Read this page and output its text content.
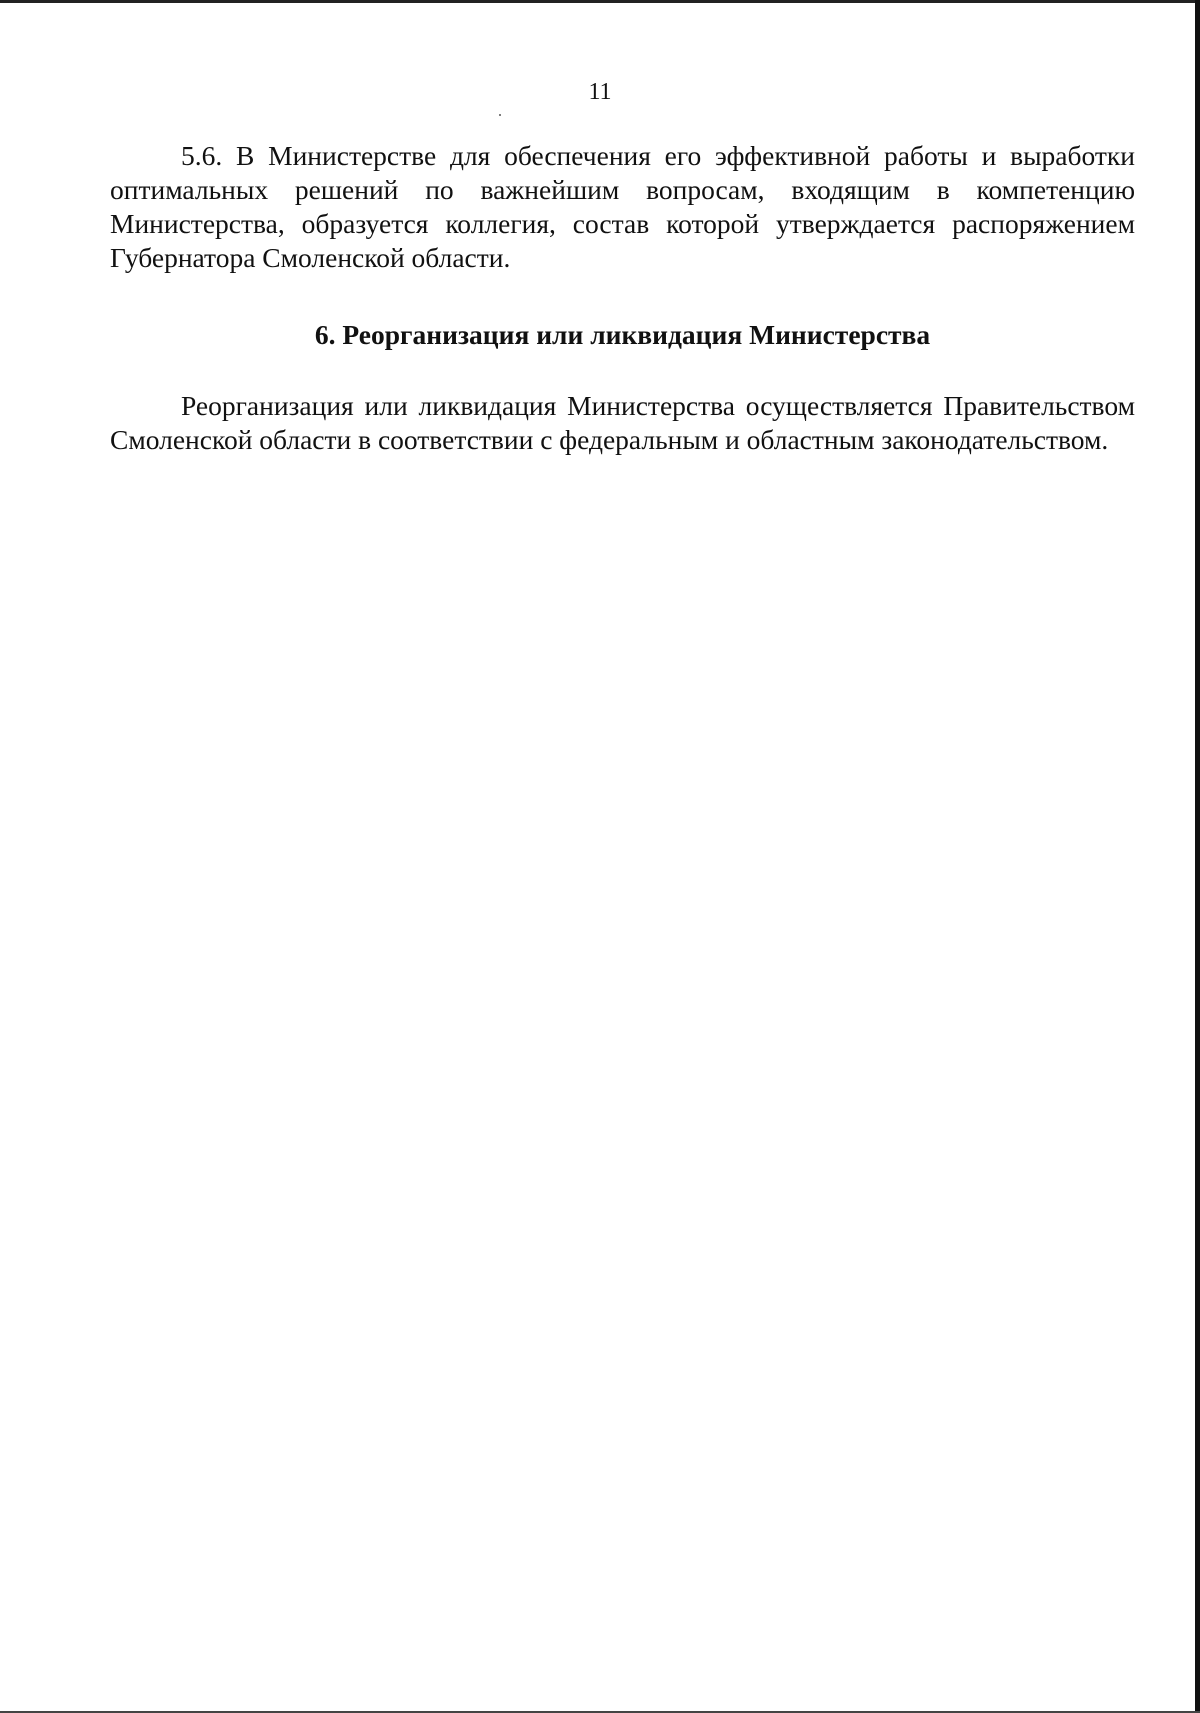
11

5.6. В Министерстве для обеспечения его эффективной работы и выработки оптимальных решений по важнейшим вопросам, входящим в компетенцию Министерства, образуется коллегия, состав которой утверждается распоряжением Губернатора Смоленской области.

6. Реорганизация или ликвидация Министерства

Реорганизация или ликвидация Министерства осуществляется Правительством Смоленской области в соответствии с федеральным и областным законодательством.
